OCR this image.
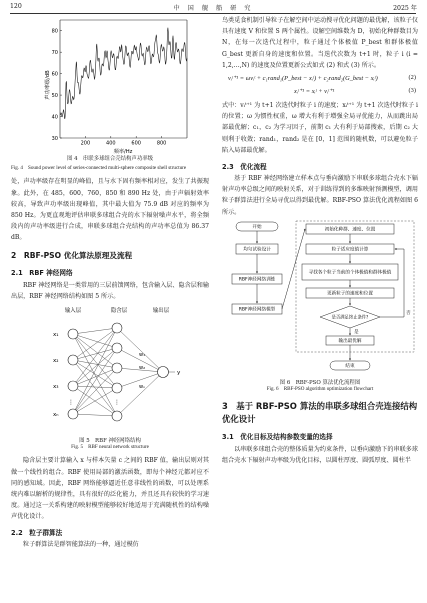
120	中 国 舰 船 研 究	2025 年
80
70
60
50
40
30
200	400	600	800
声功率级/dB
频率/Hz

图 4　串联多球组合壳结构声功率级

Fig. 4　Sound power level of series-connected multi-sphere composite shell structure

处，声功率级存在明显的峰值，且与水下固有频率相对应，发生了共振现象。此外，在 485，600，760，850 和 890 Hz 处，由于声辐射效率较高，导致声功率级出现峰值，其中最大值为 75.9 dB 对应的频率为 850 Hz。为更直观地评估串联多球组合壳的水下辐射噪声水平，将全频段内的声功率级进行合成，串联多球组合壳结构的声功率总值为 86.37 dB。

2　RBF-PSO 优化算法原理及流程

2.1　RBF 神经网络

RBF 神经网络是一类常用的三层前馈网络，包含输入层、隐含层和输出层，RBF 神经网络结构如图 5 所示。

输入层	隐含层	输出层
x₁
x₂
x₃
xₙ
w₁
w₂
wₙ
y
⋮	⋮

图 5　RBF 神经网络结构

Fig. 5　RBF neural network structure

隐含层主要计算输入 x 与样本矢量 c 之间的 RBF 值，输出层则对其做一个线性的组合。RBF 使用局部的激活函数，即每个神经元都对应不同的感知域。因此，RBF 网络能够逼近任意非线性的函数，可以处理系统内难以解析的规律性，具有很好的泛化能力，并且还具有较快的学习速度。通过这一关系构建的映射模型能够较好地适用于充满随机性的结构噪声优化设计。

2.2　粒子群算法

粒子群算法是群智能算法的一种，通过模仿

鸟类觅食机制引导粒子在解空间中运动搜寻优化问题的最优解，该粒子仅具有速度 V 和位置 S 两个属性。设解空间维数为 D，初始化种群数目为 N，在每一次迭代过程中，粒子通过个体极值 P_best 和群体极值 G_best 更新自身的速度和位置。当迭代次数为 t+1 时，粒子 i (i = 1,2,…,N) 的速度及位置更新公式如式 (2) 和式 (3) 所示。

vᵢᵗ⁺¹ = ωvᵢᵗ + c₁rand₁(P_best − xᵢᵗ) + c₂rand₂(G_best − xᵢᵗ)	(2)
xᵢᵗ⁺¹ = xᵢᵗ + vᵢᵗ⁺¹	(3)

式中：vᵢᵗ⁺¹ 为 t+1 次迭代时粒子 i 的速度；xᵢᵗ⁺¹ 为 t+1 次迭代时粒子 i 的位置；ω 为惯性权重，ω 增大有利于增强全局寻优能力，从而跳出局部最优解；c₁，c₂ 为学习因子，前期 c₁ 大有利于局部搜索，后期 c₂ 大则利于收敛；rand₁，rand₂ 是在 [0，1] 范围的随机数，可以避免粒子陷入局部最优解。

2.3　优化流程

基于 RBF 神经网络建立样本点与垂向激励下串联多球组合壳水下辐射声功率总级之间的映射关系，对于训练得到的多维映射预测模型，调用粒子群算法进行全局寻优以得到最优解。RBF-PSO 算法优化流程如图 6 所示。

开始
均匀试验设计
RBF神经网络训练
RBF神经网络模型
初始化种群、速度、位置
粒子适应度值计算
寻找各个粒子当前的个体极值和群体极值
更新粒子的速度和位置
是否满足终止条件?
输出最优解
结束
是
否

图 6　RBF-PSO 算法优化流程图

Fig. 6　RBF-PSO algorithm optimization flowchart

3　基于 RBF-PSO 算法的串联多球组合壳连接结构优化设计

3.1　优化目标及结构参数变量的选择

以串联多球组合壳的整体质量为约束条件，以垂向激励下的串联多球组合壳水下辐射声功率级为优化目标，以圆柱厚度、圆弧厚度、圆柱半
